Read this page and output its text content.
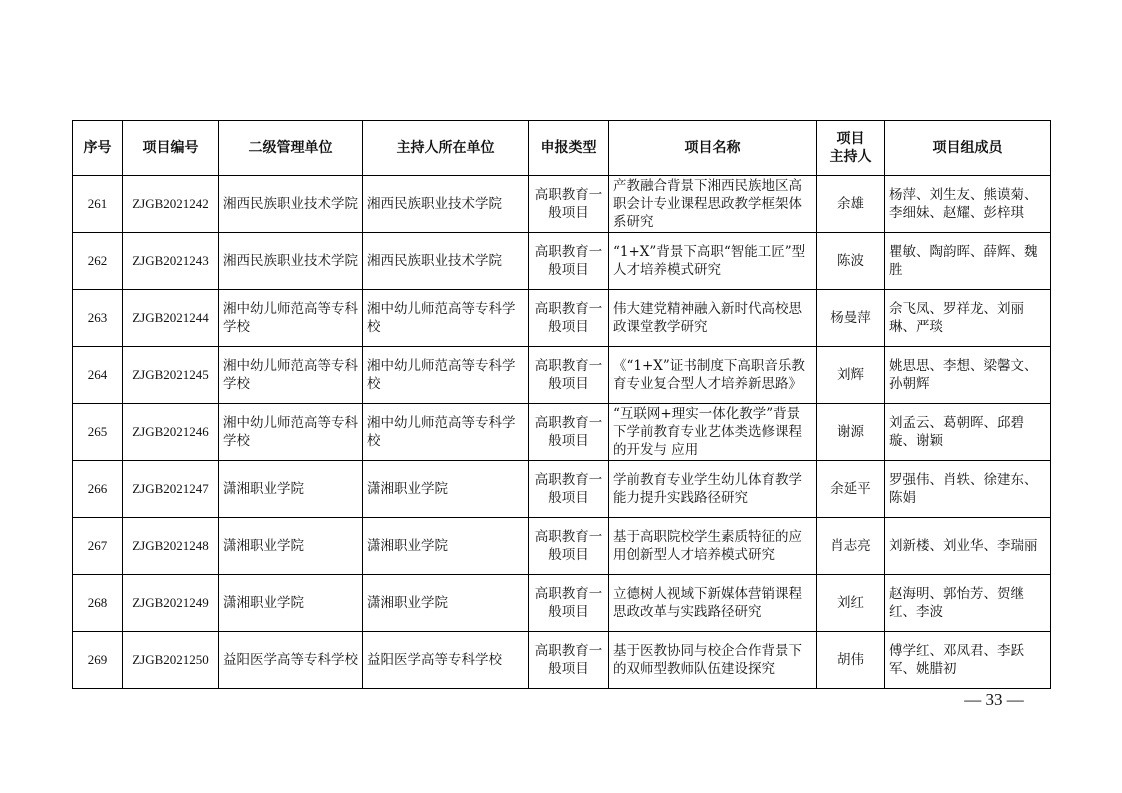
序号	项目编号	二级管理单位	主持人所在单位	申报类型	项目名称	项目
主持人	项目组成员
261	ZJGB2021242	湘西民族职业技术学院	湘西民族职业技术学院	高职教育一般项目	产教融合背景下湘西民族地区高职会计专业课程思政教学框架体系研究	余雄	杨萍、刘生友、熊谟菊、李细妹、赵耀、彭梓琪
262	ZJGB2021243	湘西民族职业技术学院	湘西民族职业技术学院	高职教育一般项目	“1+X”背景下高职“智能工匠”型人才培养模式研究	陈波	瞿敏、陶韵晖、薛辉、魏胜
263	ZJGB2021244	湘中幼儿师范高等专科学校	湘中幼儿师范高等专科学校	高职教育一般项目	伟大建党精神融入新时代高校思政课堂教学研究	杨曼萍	佘飞凤、罗祥龙、刘丽琳、严琰
264	ZJGB2021245	湘中幼儿师范高等专科学校	湘中幼儿师范高等专科学校	高职教育一般项目	《“1+X”证书制度下高职音乐教育专业复合型人才培养新思路》	刘辉	姚思思、李想、梁馨文、孙朝辉
265	ZJGB2021246	湘中幼儿师范高等专科学校	湘中幼儿师范高等专科学校	高职教育一般项目	“互联网+理实一体化教学”背景下学前教育专业艺体类选修课程的开发与 应用	谢源	刘孟云、葛朝晖、邱碧璇、谢颖
266	ZJGB2021247	潇湘职业学院	潇湘职业学院	高职教育一般项目	学前教育专业学生幼儿体育教学能力提升实践路径研究	余延平	罗强伟、肖轶、徐建东、陈娟
267	ZJGB2021248	潇湘职业学院	潇湘职业学院	高职教育一般项目	基于高职院校学生素质特征的应用创新型人才培养模式研究	肖志亮	刘新楼、刘业华、李瑞丽
268	ZJGB2021249	潇湘职业学院	潇湘职业学院	高职教育一般项目	立德树人视域下新媒体营销课程思政改革与实践路径研究	刘红	赵海明、郭怡芳、贺继红、李波
269	ZJGB2021250	益阳医学高等专科学校	益阳医学高等专科学校	高职教育一般项目	基于医教协同与校企合作背景下的双师型教师队伍建设探究	胡伟	傅学红、邓凤君、李跃军、姚腊初
— 33 —
